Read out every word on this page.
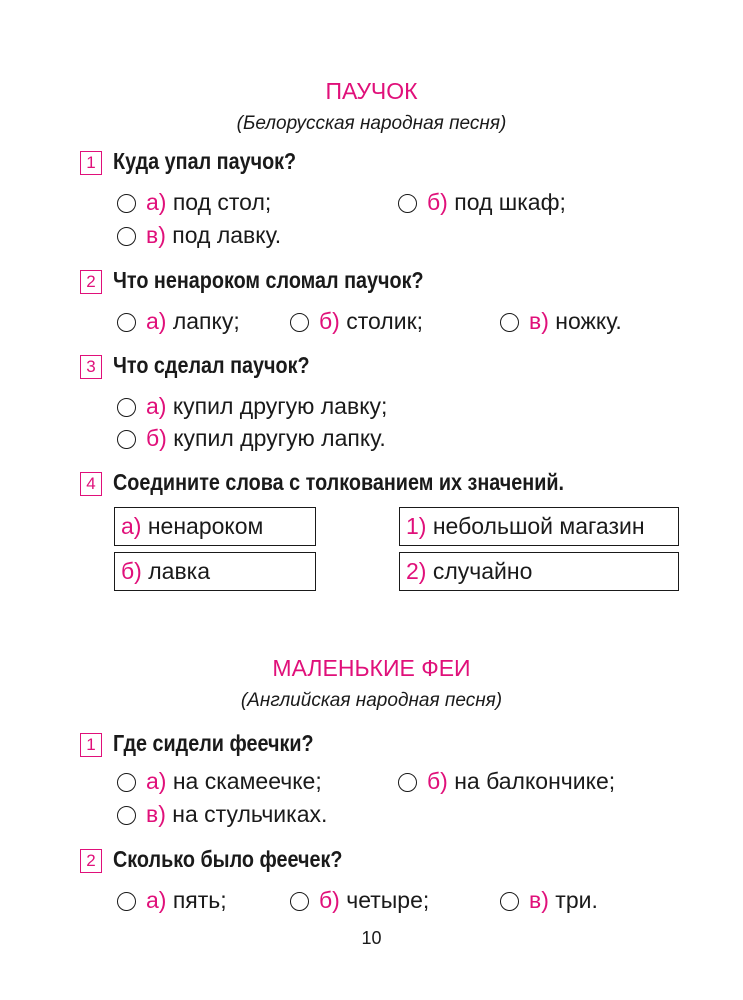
ПАУЧОК
(Белорусская народная песня)
1 Куда упал паучок?
а) под стол;	б) под шкаф;
в) под лавку.
2 Что ненароком сломал паучок?
а) лапку;	б) столик;	в) ножку.
3 Что сделал паучок?
а) купил другую лавку;
б) купил другую лапку.
4 Соедините слова с толкованием их значений.
а) ненароком
б) лавка
1) небольшой магазин
2) случайно
МАЛЕНЬКИЕ ФЕИ
(Английская народная песня)
1 Где сидели феечки?
а) на скамеечке;	б) на балкончике;
в) на стульчиках.
2 Сколько было феечек?
а) пять;	б) четыре;	в) три.
10
